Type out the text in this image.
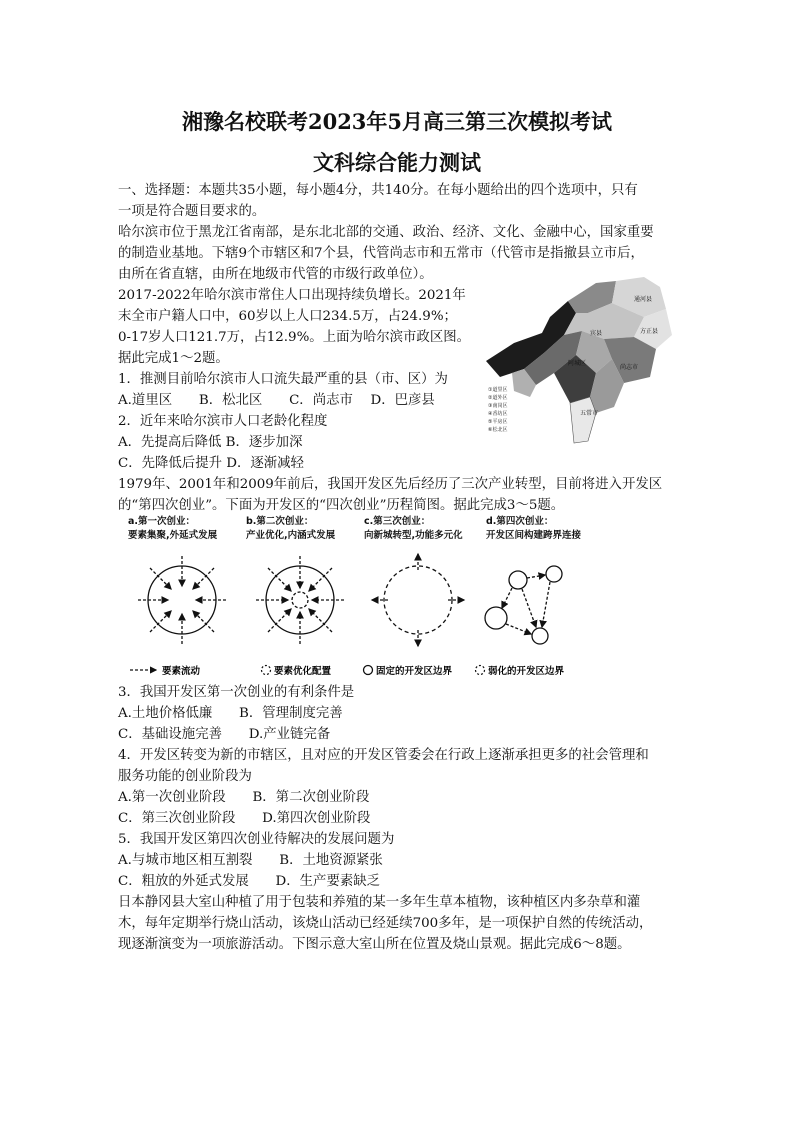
湘豫名校联考2023年5月高三第三次模拟考试
文科综合能力测试
一、选择题：本题共35小题，每小题4分，共140分。在每小题给出的四个选项中，只有
一项是符合题目要求的。
哈尔滨市位于黑龙江省南部，是东北北部的交通、政治、经济、文化、金融中心，国家重要
的制造业基地。下辖9个市辖区和7个县，代管尚志市和五常市（代管市是指撤县立市后，
由所在省直辖，由所在地级市代管的市级行政单位）。
2017-2022年哈尔滨市常住人口出现持续负增长。2021年
末全市户籍人口中，60岁以上人口234.5万，占24.9%；
0-17岁人口121.7万，占12.9%。上面为哈尔滨市政区图。
据此完成1～2题。
1．推测目前哈尔滨市人口流失最严重的县（市、区）为
A.道里区　　B．松北区　　C．尚志市　 D．巴彦县
2．近年来哈尔滨市人口老龄化程度
A．先提高后降低 B．逐步加深
C．先降低后提升 D．逐渐减轻
1979年、2001年和2009年前后，我国开发区先后经历了三次产业转型，目前将进入开发区
的“第四次创业”。下面为开发区的“四次创业”历程简图。据此完成3～5题。
3．我国开发区第一次创业的有利条件是
A.土地价格低廉　　B．管理制度完善
C．基础设施完善　　D.产业链完备
4．开发区转变为新的市辖区，且对应的开发区管委会在行政上逐渐承担更多的社会管理和
服务功能的创业阶段为
A.第一次创业阶段　　B．第二次创业阶段
C．第三次创业阶段　　D.第四次创业阶段
5．我国开发区第四次创业待解决的发展问题为
A.与城市地区相互割裂　　B．土地资源紧张
C．粗放的外延式发展　　D．生产要素缺乏
日本静冈县大室山种植了用于包装和养殖的某一多年生草本植物，该种植区内多杂草和灌
木，每年定期举行烧山活动，该烧山活动已经延续700多年，是一项保护自然的传统活动，
现逐渐演变为一项旅游活动。下图示意大室山所在位置及烧山景观。据此完成6～8题。
通河县
宾县	方正县
阿城区
尚志市
五常市
①道里区
②道外区
③南岗区
④香坊区
⑤平房区
⑥松北区
a.第一次创业：
要素集聚,外延式发展
b.第二次创业：
产业优化,内涵式发展
c.第三次创业：
向新城转型,功能多元化
d.第四次创业：
开发区间构建跨界连接
要素流动	要素优化配置	固定的开发区边界	弱化的开发区边界
